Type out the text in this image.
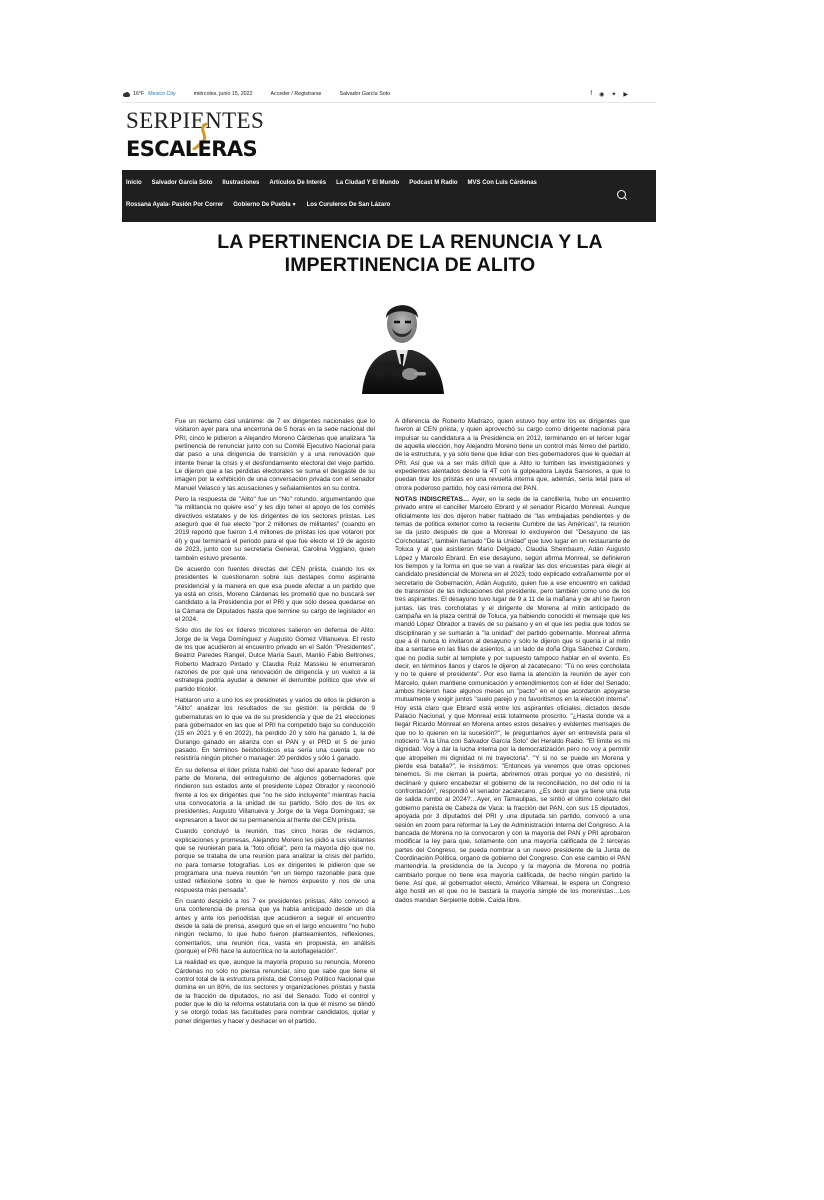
16°F Mexico City	miércoles, junio 15, 2022	Acceder / Registrarse	Salvador García Soto	f ◉ ✦ ▶
SERPIENTES
ESCALERAS
Inicio Salvador Garcia Soto Ilustraciones Artículos De Interés La Ciudad Y El Mundo Podcast M Radio MVS Con Luis Cárdenas
Rossana Ayala- Pasión Por Correr Gobierno De Puebla ▼ Los Curuleros De San Lázaro
LA PERTINENCIA DE LA RENUNCIA Y LA
IMPERTINENCIA DE ALITO

Fue un reclamo casi unánime: de 7 ex dirigentes nacionales que lo visitaron ayer para una encerrona de 5 horas en la sede nacional del PRI, cinco le pidieron a Alejandro Moreno Cárdenas que analizara "la pertinencia de renunciar junto con su Comité Ejecutivo Nacional para dar paso a una dirigencia de transición y a una renovación que intente frenar la crisis y el desfondamiento electoral del viejo partido. Le dijeron que a las pérdidas electorales se suma el desgaste de su imagen por la exhibición de una conversación privada con el senador Manuel Velasco y las acusaciones y señalamientos en su contra.

Pero la respuesta de "Alito" fue un "No" rotundo, argumentando que "la militancia no quiere eso" y les dijo tener el apoyo de los comités directivos estatales y de los dirigentes de los sectores priistas. Les aseguró que él fue electo "por 2 millones de militantes" (cuando en 2019 reportó que fueron 1.4 millones de priistas los que votaron por él) y que terminará el periodo para el que fue electo el 19 de agosto de 2023, junto con su secretaria General, Carolina Viggiano, quien también estuvo presente.

De acuerdo con fuentes directas del CEN priista, cuando los ex presidentes le cuestionaron sobre sus destapes como aspirante presidencial y la manera en que esa puede afectar a un partido que ya está en crisis, Moreno Cárdenas les prometió que no buscará ser candidato a la Presidencia por el PRI y que sólo desea quedarse en la Cámara de Diputados hasta que termine su cargo de legislador en el 2024.

Sólo dos de los ex líderes tricolores salieron en defensa de Alito: Jorge de la Vega Domínguez y Augusto Gómez Villanueva. El resto de los que acudieron al encuentro privado en el Salón "Presidentes", Beatriz Paredes Rangel, Dulce María Sauri, Manlio Fabio Beltrones, Roberto Madrazo Pintado y Claudia Ruiz Massieu le enumeraron razones de por qué una renovación de dirigencia y un vuelco a la estrategia podría ayudar a detener el derrumbe político que vive el partido tricolor.

Hablaron uno a uno los ex presidnetes y varios de ellos le pidieron a "Alito" analizar los resultados de su gestión: la pérdida de 9 gubernaturas en lo que va de su presidencia y que de 21 elecciones para gobernador en las que el PRI ha competido bajo su conducción (15 en 2021 y 6 en 2022), ha perdido 20 y sólo ha ganado 1, la de Durango ganado en alianza con el PAN y el PRD el 5 de junio pasado. En términos beisbolísticos esa sería una cuenta que no resistiría ningún pitcher o manager: 20 perdidos y sólo 1 ganado.

En su defensa el líder priista habló del "uso del aparato federal" por parte de Morena, del entreguismo de algunos gobernadores que rindieron sus estados ante el presidente López Obrador y reconoció frente a los ex dirigentes que "no he sido incluyente" mientras hacía una convocatoria a la unidad de su partido. Sólo dos de los ex presidentes, Augusto Villanueva y Jorge de la Vega Domínguez, se expresaron a favor de su permanencia al frente del CEN priista.

Cuando concluyó la reunión, tras cinco horas de reclamos, explicaciones y promesas, Alejandro Moreno les pidió a sus visitantes que se reunieran para la "foto oficial", pero la mayoría dijo que no, porque se trataba de una reunión para analizar la crisis del partido, no para tomarse fotografías. Los ex dirigentes le pidieron que se programara una nueva reunión "en un tiempo razonable para que usted reflexione sobre lo que le hemos expuesto y nos de una respuesta más pensada".

En cuanto despidió a los 7 ex presidentes priistas, Alito convocó a una conferencia de prensa que ya había anticipado desde un día antes y ante los periodistas que acudieron a seguir el encuentro desde la sala de prensa, aseguró que en el largo encuentro "no hubo ningún reclamo, lo que hubo fueron planteamientos, reflexiones, comentarios, una reunión rica, vasta en propuesta, en análisis (porque) el PRI hace la autocrítica no la autoflagelación".

La realidad es que, aunque la mayoría propuso su renuncia, Moreno Cárdenas no sólo no piensa renunciar, sino que sabe que tiene el control total de la estructura priista, del Consejo Político Nacional que domina en un 80%, de los sectores y organizaciones priistas y hasta de la fracción de diputados, no así del Senado. Todo el control y poder que le dio la reforma estatutaria con la que él mismo se blindó y se otorgó todas las facultades para nombrar candidatos, quitar y poner dirigentes y hacer y deshacer en el partido.

A diferencia de Roberto Madrazo, quien estuvo hoy entre los ex dirigentes que fueron al CEN priista, y quien aprovechó su cargo como dirigente nacional para impulsar su candidatura a la Presidencia en 2012, terminando en el tercer lugar de aquella elección, hoy Alejandro Moreno tiene un control más férreo del partido, de la estructura, y ya sólo tiene que lidiar con tres gobernadores que le quedan al PRI. Así que va a ser más difícil que a Alito lo tumben las investigaciones y expedientes alentados desde la 4T con la golpeadora Layda Sansores, a que lo puedan tirar los priistas en una revuelta interna que, además, sería letal para el otrora poderoso partido, hoy casi rémora del PAN.

NOTAS INDISCRETAS… Ayer, en la sede de la cancillería, hubo un encuentro privado entre el canciller Marcelo Ebrard y el senador Ricardo Monreal. Aunque oficialmente los dos dijeron haber hablado de "las embajadas pendientes y de temas de política exterior como la reciente Cumbre de las Américas", la reunión se da justo después de que a Monreal lo excluyeron del "Desayuno de las Corcholatas", también llamado "De la Unidad" que tuvo lugar en un restaurante de Toluca y al que asistieron Mario Delgado, Claudia Sheinbaum, Adán Augusto López y Marcelo Ebrard. En ese desayuno, según afirma Monreal, se definieron los tiempos y la forma en que se van a realizar las dos encuestas para elegir al candidato presidencial de Morena en el 2023, todo explicado extrañamente por el secretario de Gobernación, Adán Augusto, quien fue a ese encuentro en calidad de transmisor de las indicaciones del presidente, pero también como uno de los tres aspirantes. El desayuno tuvo lugar de 9 a 11 de la mañana y de ahí se fueron juntas, las tres corcholatas y el dirigente de Morena al mitin anticipado de campaña en la plaza central de Toluca, ya habiendo conocido el mensaje que les mandó López Obrador a través de su paisano y en el que les pedía que todos se disciplinaran y se sumarán a "la unidad" del partido gobernante. Monreal afirma que a él nunca lo invitaron al desayuno y sólo le dijeron que si quería ir al mitin iba a sentarse en las filas de asientos, a un lado de doña Olga Sánchez Cordero, que no podía subir al templete y por supuesto tampoco hablar en el evento. Es decir, en términos llanos y claros le dijeron al zacatecano: "Tú no eres corcholata y no te quiere el presidente". Por eso llama la atención la reunión de ayer con Marcelo, quien mantiene comunicación y entendimientos con el líder del Senado; ambos hicieron hace algunos meses un "pacto" en el que acordaron apoyarse mutuamente y exigir juntos "suelo parejo y no favoritismos en la elección interna". Hoy está claro que Ebrard está entre los aspirantes oficiales, dictados desde Palacio Nacional, y que Monreal está totalmente proscrito. "¿Hasta donde va a llegar Ricardo Monreal en Morena antes estos desaires y evidentes mensajes de que no lo quieren en la sucesión?", le preguntamos ayer en entrevista para el noticiero "A la Una con Salvador García Soto" del Heraldo Radio. "El límite es mi dignidad. Voy a dar la lucha interna por la democratización pero no voy a permitir que atropellen mi dignidad ni mi trayectoria". "Y si no se puede en Morena y pierde esa batalla?", le insistimos: "Entonces ya veremos que otras opciones tenemos. Si me cierran la puerta, abriremos otras porque yo no desistiré, ni declinaré y quiero encabezar el gobierno de la reconciliación, no del odio ni la confrontación", respondió el senador zacatecano. ¿Es decir que ya tiene una ruta de salida rumbo al 2024?…Ayer, en Tamaulipas, se sintió el último coletazo del gobierno panista de Cabeza de Vaca: la fracción del PAN, con sus 15 diputados, apoyada por 3 diputados del PRI y una diputada sin partido, convocó a una sesión en zoom para reformar la Ley de Administración Interna del Congreso. A la bancada de Morena no la convocaron y con la mayoría del PAN y PRI aprobaron modificar la ley para que, solamente con una mayoría calificada de 2 terceras partes del Congreso, se pueda nombrar a un nuevo presidente de la Junta de Coordinación Política, organo de gobierno del Congreso. Con ese cambio el PAN mantendría la presidencia de la Jucopo y la mayoría de Morena no podría cambiarlo porque no tiene esa mayoría calificada, de hecho ningún partido la tiene. Así que, al gobernador electo, Américo Villarreal, le espera un Congreso algo hostil en el que no le bastará la mayoría simple de los morenistas…Los dados mandan Serpiente doble. Caída libre.
